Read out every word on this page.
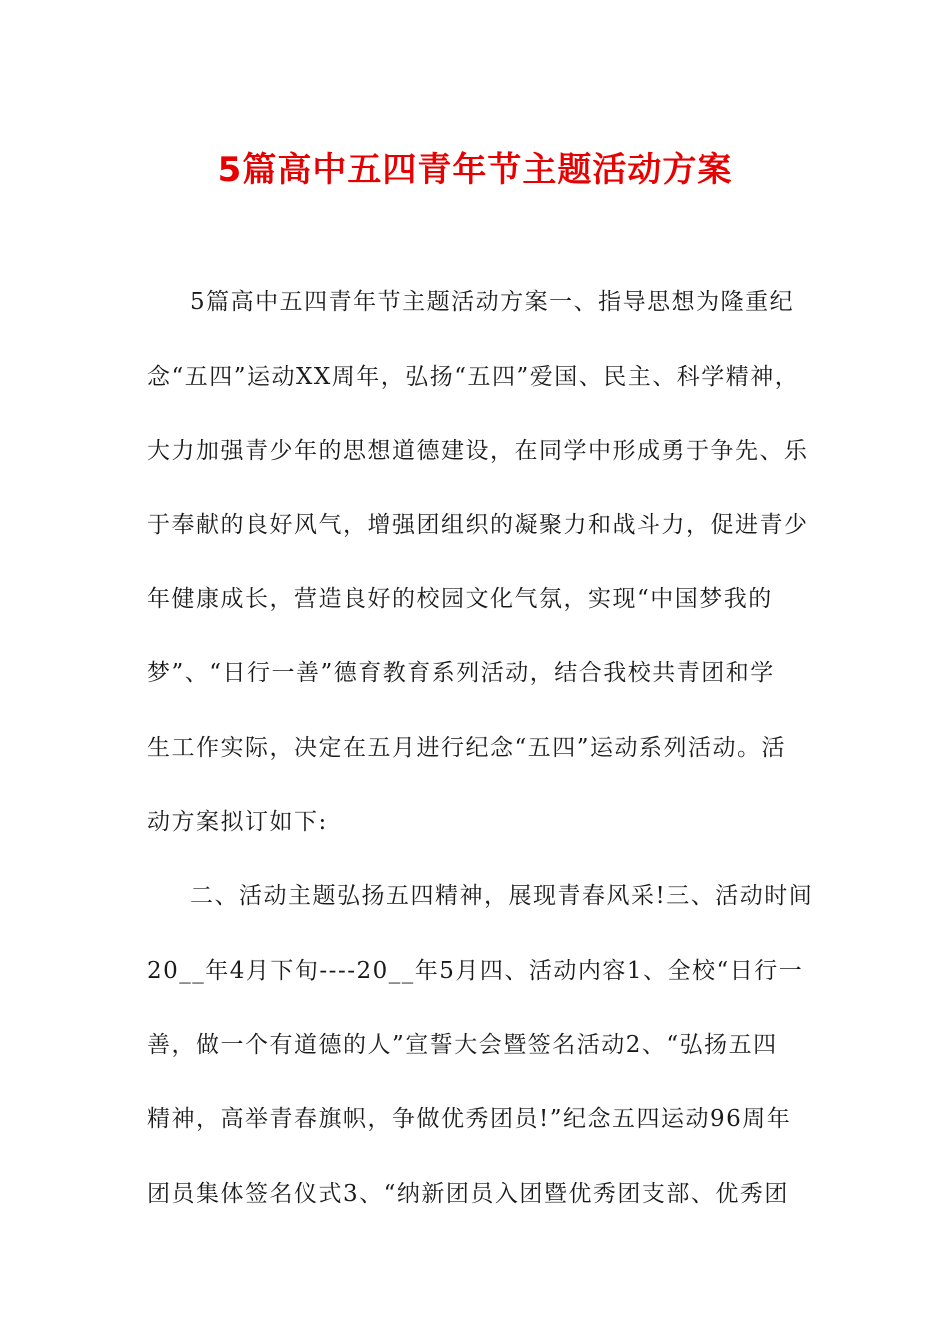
5篇高中五四青年节主题活动方案
5篇高中五四青年节主题活动方案一、指导思想为隆重纪
念“五四”运动XX周年，弘扬“五四”爱国、民主、科学精神，
大力加强青少年的思想道德建设，在同学中形成勇于争先、乐
于奉献的良好风气，增强团组织的凝聚力和战斗力，促进青少
年健康成长，营造良好的校园文化气氛，实现“中国梦我的
梦”、“日行一善”德育教育系列活动，结合我校共青团和学
生工作实际，决定在五月进行纪念“五四”运动系列活动。活
动方案拟订如下:
二、活动主题弘扬五四精神，展现青春风采!三、活动时间
20__年4月下旬----20__年5月四、活动内容1、全校“日行一
善，做一个有道德的人”宣誓大会暨签名活动2、“弘扬五四
精神，高举青春旗帜，争做优秀团员!”纪念五四运动96周年
团员集体签名仪式3、“纳新团员入团暨优秀团支部、优秀团
